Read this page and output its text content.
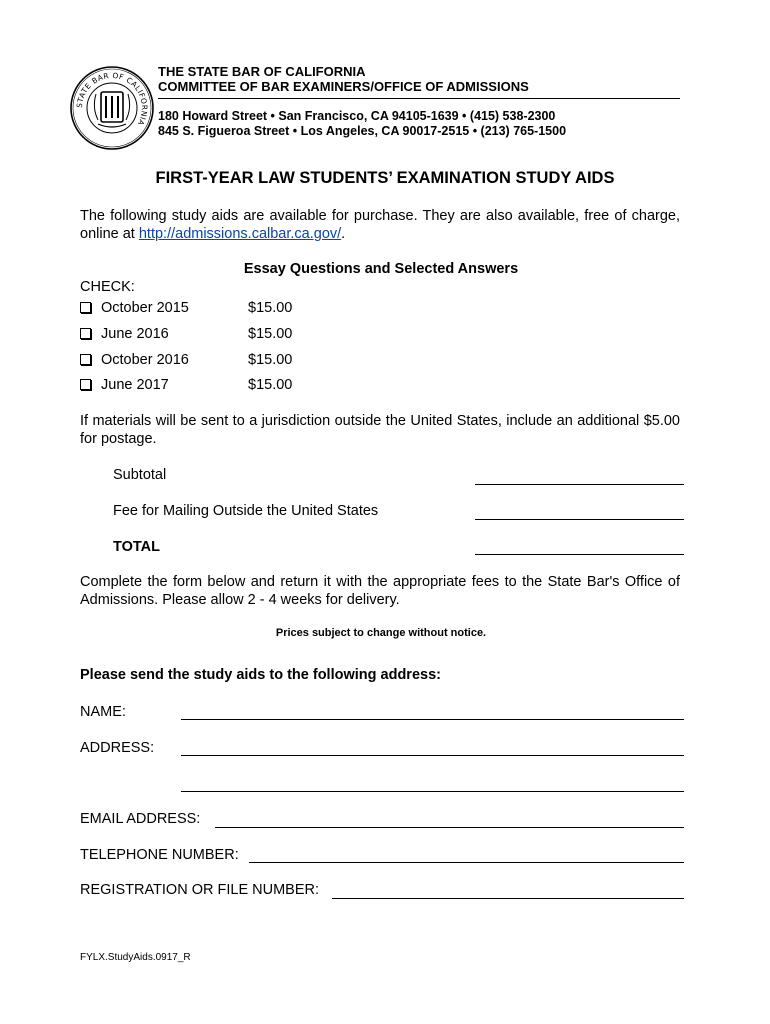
STATE BAR OF CALIFORNIA
THE STATE BAR OF CALIFORNIA
COMMITTEE OF BAR EXAMINERS/OFFICE OF ADMISSIONS
180 Howard Street • San Francisco, CA 94105-1639 • (415) 538-2300
845 S. Figueroa Street • Los Angeles, CA 90017-2515 • (213) 765-1500
FIRST-YEAR LAW STUDENTS’ EXAMINATION STUDY AIDS
The following study aids are available for purchase. They are also available, free of charge, online at http://admissions.calbar.ca.gov/.
Essay Questions and Selected Answers
CHECK:
October 2015	$15.00
June 2016	$15.00
October 2016	$15.00
June 2017	$15.00
If materials will be sent to a jurisdiction outside the United States, include an additional $5.00 for postage.
Subtotal
Fee for Mailing Outside the United States
TOTAL
Complete the form below and return it with the appropriate fees to the State Bar's Office of Admissions. Please allow 2 - 4 weeks for delivery.
Prices subject to change without notice.
Please send the study aids to the following address:
NAME:
ADDRESS:
EMAIL ADDRESS:
TELEPHONE NUMBER:
REGISTRATION OR FILE NUMBER:
FYLX.StudyAids.0917_R
